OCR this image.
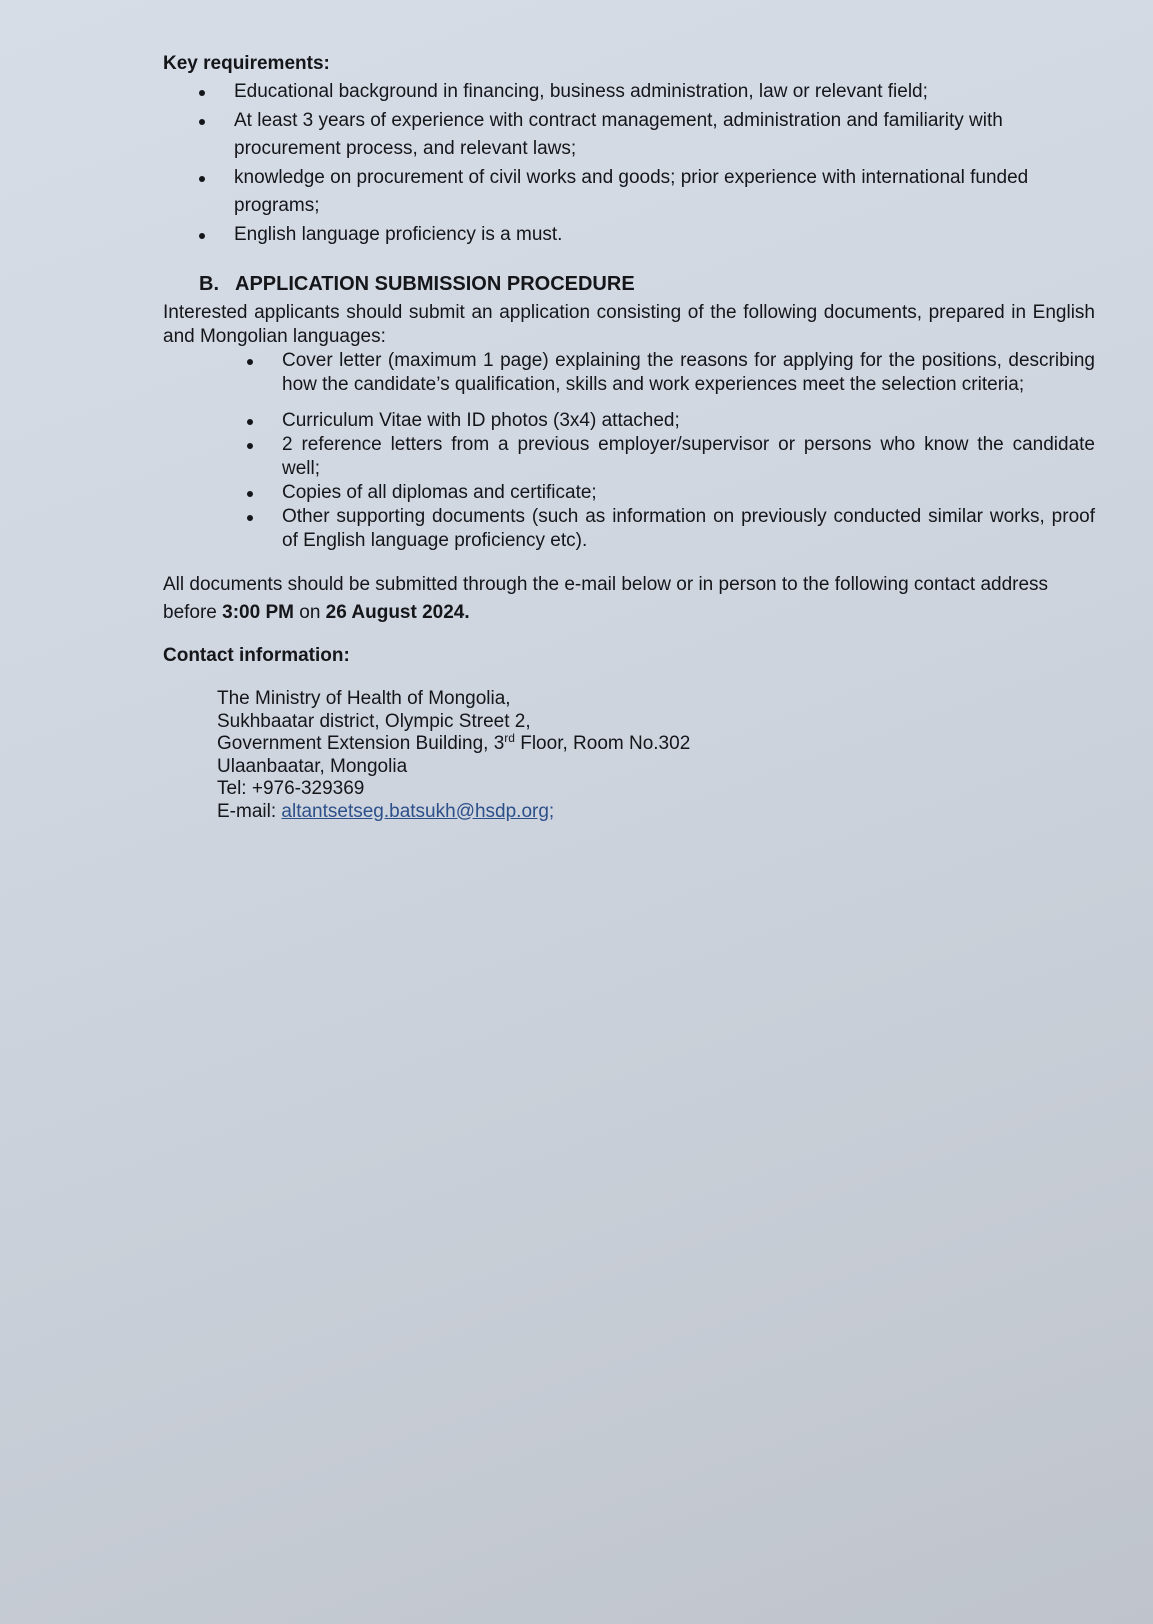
Key requirements:
Educational background in financing, business administration, law or relevant field;
At least 3 years of experience with contract management, administration and familiarity with procurement process, and relevant laws;
knowledge on procurement of civil works and goods; prior experience with international funded programs;
English language proficiency is a must.
B. APPLICATION SUBMISSION PROCEDURE
Interested applicants should submit an application consisting of the following documents, prepared in English and Mongolian languages:
Cover letter (maximum 1 page) explaining the reasons for applying for the positions, describing how the candidate’s qualification, skills and work experiences meet the selection criteria;
Curriculum Vitae with ID photos (3x4) attached;
2 reference letters from a previous employer/supervisor or persons who know the candidate well;
Copies of all diplomas and certificate;
Other supporting documents (such as information on previously conducted similar works, proof of English language proficiency etc).
All documents should be submitted through the e-mail below or in person to the following contact address before 3:00 PM on 26 August 2024.
Contact information:
The Ministry of Health of Mongolia,
Sukhbaatar district, Olympic Street 2,
Government Extension Building, 3rd Floor, Room No.302
Ulaanbaatar, Mongolia
Tel: +976-329369
E-mail: altantsetseg.batsukh@hsdp.org;
